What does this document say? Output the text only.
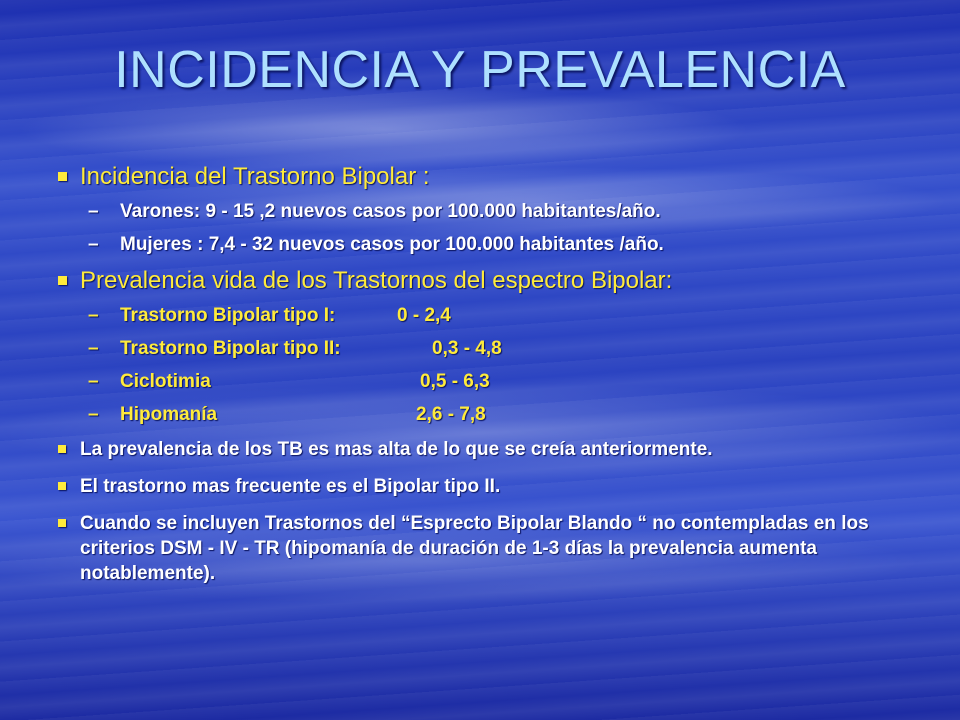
INCIDENCIA Y PREVALENCIA
Incidencia del Trastorno Bipolar :
– Varones: 9 - 15 ,2 nuevos casos por 100.000 habitantes/año.
– Mujeres : 7,4 - 32 nuevos casos por 100.000 habitantes /año.
Prevalencia vida de los Trastornos del espectro Bipolar:
– Trastorno Bipolar tipo I:	0 - 2,4
– Trastorno Bipolar tipo II:	0,3 - 4,8
– Ciclotimia	0,5 - 6,3
– Hipomanía	2,6 - 7,8
La prevalencia de los TB es mas alta de lo que se creía anteriormente.
El trastorno mas frecuente es el Bipolar tipo II.
Cuando se incluyen Trastornos del “Esprecto Bipolar Blando “ no contempladas en los criterios DSM - IV - TR (hipomanía de duración de 1-3 días la prevalencia aumenta notablemente).
